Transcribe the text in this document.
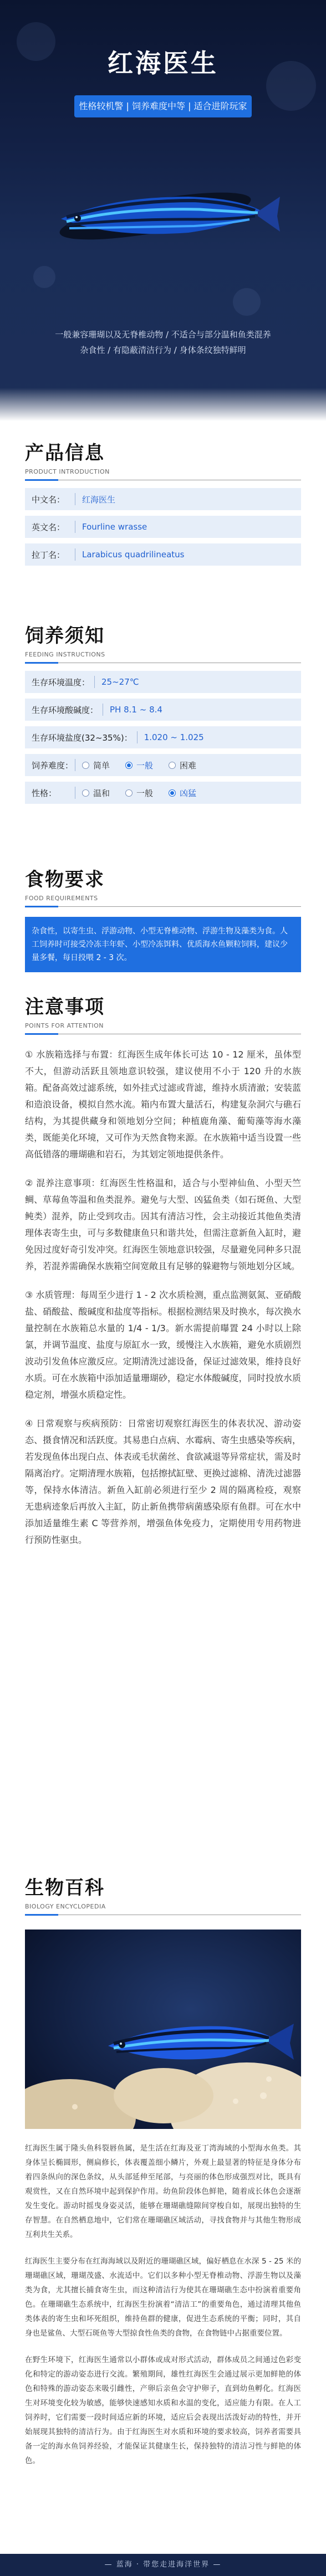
红海医生
性格较机警 | 饲养难度中等 | 适合进阶玩家
一般兼容珊瑚以及无脊椎动物 / 不适合与部分温和鱼类混养
杂食性 / 有隐蔽清洁行为 / 身体条纹独特鲜明
产品信息
PRODUCT INTRODUCTION
中文名：	红海医生
英文名：	Fourline wrasse
拉丁名：	Larabicus quadrilineatus
饲养须知
FEEDING INSTRUCTIONS
生存环境温度：	25~27℃
生存环境酸碱度：	PH 8.1 ~ 8.4
生存环境盐度(32~35%)：	1.020 ~ 1.025
饲养难度： 简单	一般	困难
性格：	温和	一般	凶猛
食物要求
FOOD REQUIREMENTS
杂食性，以寄生虫、浮游动物、小型无脊椎动物、浮游生物及藻类为食。人工饲养时可接受冷冻丰年虾、小型冷冻饵料、优质海水鱼颗粒饲料，建议少量多餐，每日投喂 2 - 3 次。
注意事项
POINTS FOR ATTENTION
① 水族箱选择与布置：红海医生成年体长可达 10 - 12 厘米，虽体型不大，但游动活跃且领地意识较强，建议使用不小于 120 升的水族箱。配备高效过滤系统，如外挂式过滤或背滤，维持水质清澈；安装蓝和造浪设备，模拟自然水流。箱内布置大量活石，构建复杂洞穴与礁石结构，为其提供藏身和领地划分空间；种植鹿角藻、葡萄藻等海水藻类，既能美化环境，又可作为天然食物来源。在水族箱中适当设置一些高低错落的珊瑚礁和岩石，为其划定领地提供条件。
② 混养注意事项：红海医生性格温和，适合与小型神仙鱼、小型天竺鲷、草莓鱼等温和鱼类混养。避免与大型、凶猛鱼类（如石斑鱼、大型鲀类）混养，防止受到攻击。因其有清洁习性，会主动接近其他鱼类清理体表寄生虫，可与多数健康鱼只和谐共处，但需注意新鱼入缸时，避免因过度好奇引发冲突。红海医生领地意识较强，尽量避免同种多只混养，若混养需确保水族箱空间宽敞且有足够的躲避物与领地划分区域。
③ 水质管理：每周至少进行 1 - 2 次水质检测，重点监测氨氮、亚硝酸盐、硝酸盐、酸碱度和盐度等指标。根据检测结果及时换水，每次换水量控制在水族箱总水量的 1/4 - 1/3。新水需提前曝置 24 小时以上除氯，并调节温度、盐度与原缸水一致，缓慢注入水族箱，避免水质剧烈波动引发鱼体应激反应。定期清洗过滤设备，保证过滤效果，维持良好水质。可在水族箱中添加适量珊瑚砂，稳定水体酸碱度，同时投放水质稳定剂，增强水质稳定性。
④ 日常观察与疾病预防：日常密切观察红海医生的体表状况、游动姿态、摄食情况和活跃度。其易患白点病、水霉病、寄生虫感染等疾病，若发现鱼体出现白点、体表或毛状菌丝、食欲减退等异常症状，需及时隔离治疗。定期清理水族箱，包括擦拭缸壁、更换过滤棉、清洗过滤器等，保持水体清洁。新鱼入缸前必须进行至少 2 周的隔离检疫，观察无患病迹象后再放入主缸，防止新鱼携带病菌感染原有鱼群。可在水中添加适量维生素 C 等营养剂，增强鱼体免疫力，定期使用专用药物进行预防性驱虫。
生物百科
BIOLOGY ENCYCLOPEDIA
红海医生属于隆头鱼科裂唇鱼属，是生活在红海及亚丁湾海域的小型海水鱼类。其身体呈长椭圆形，侧扁修长，体表覆盖细小鳞片，外观上最显著的特征是身体分布着四条纵向的深色条纹，从头部延伸至尾部，与亮丽的体色形成强烈对比，既具有观赏性，又在自然环境中起到保护作用。幼鱼阶段体色鲜艳，随着成长体色会逐渐发生变化。游动时摇曳身姿灵活，能够在珊瑚礁缝隙间穿梭自如，展现出独特的生存智慧。在自然栖息地中，它们常在珊瑚礁区域活动，寻找食物并与其他生物形成互利共生关系。
红海医生主要分布在红海海域以及附近的珊瑚礁区域，偏好栖息在水深 5 - 25 米的珊瑚礁区域，珊瑚茂盛、水流适中。它们以多种小型无脊椎动物、浮游生物以及藻类为食，尤其擅长捕食寄生虫，而这种清洁行为使其在珊瑚礁生态中扮演着重要角色。在珊瑚礁生态系统中，红海医生扮演着“清洁工”的重要角色，通过清理其他鱼类体表的寄生虫和坏死组织，维持鱼群的健康，促进生态系统的平衡；同时，其自身也是鲨鱼、大型石斑鱼等大型掠食性鱼类的食物，在食物链中占据重要位置。
在野生环境下，红海医生通常以小群体或成对形式活动，群体成员之间通过色彩变化和特定的游动姿态进行交流。繁殖期间，雄性红海医生会通过展示更加鲜艳的体色和特殊的游动姿态来吸引雌性，产卵后亲鱼会守护卵子，直到幼鱼孵化。红海医生对环境变化较为敏感，能够快速感知水质和水温的变化，适应能力有限。在人工饲养时，它们需要一段时间适应新的环境，适应后会表现出活泼好动的特性，并开始展现其独特的清洁行为。由于红海医生对水质和环境的要求较高，饲养者需要具备一定的海水鱼饲养经验，才能保证其健康生长，保持独特的清洁习性与鲜艳的体色。
— 蓝海 · 带您走进海洋世界 —
